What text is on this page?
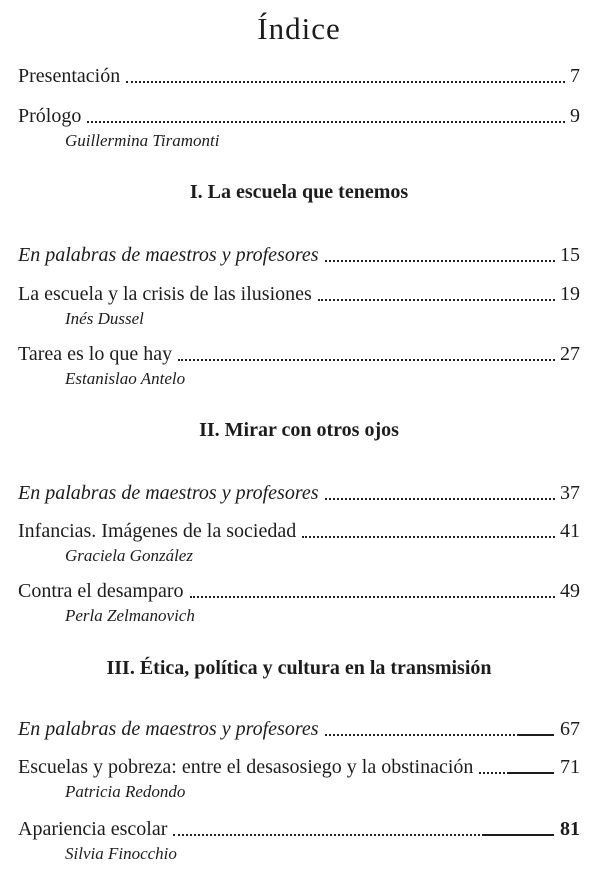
Índice
Presentación	7
Prólogo	9
Guillermina Tiramonti
I. La escuela que tenemos
En palabras de maestros y profesores	15
La escuela y la crisis de las ilusiones	19
Inés Dussel
Tarea es lo que hay	27
Estanislao Antelo
II. Mirar con otros ojos
En palabras de maestros y profesores	37
Infancias. Imágenes de la sociedad	41
Graciela González
Contra el desamparo	49
Perla Zelmanovich
III. Ética, política y cultura en la transmisión
En palabras de maestros y profesores	67
Escuelas y pobreza: entre el desasosiego y la obstinación	71
Patricia Redondo
Apariencia escolar	81
Silvia Finocchio
